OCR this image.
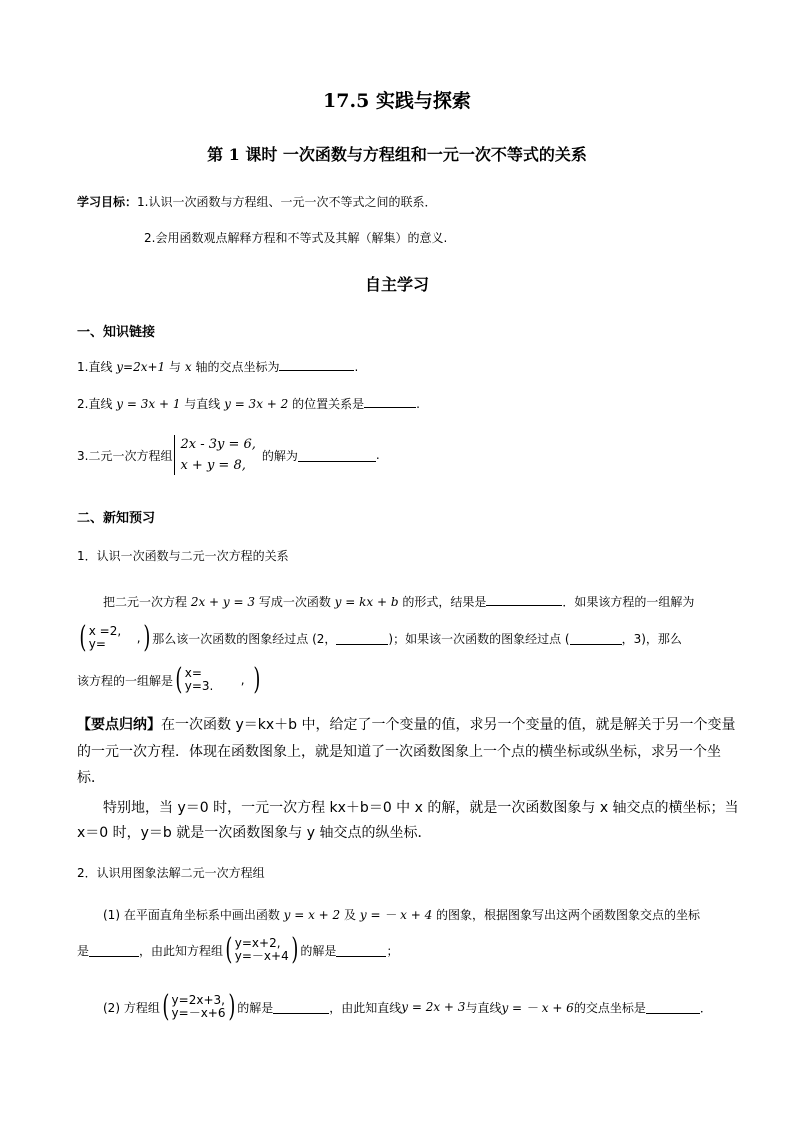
17.5 实践与探索
第 1 课时 一次函数与方程组和一元一次不等式的关系
学习目标：1.认识一次函数与方程组、一元一次不等式之间的联系．
2.会用函数观点解释方程和不等式及其解（解集）的意义.
自主学习
一、知识链接
1.直线 y=2x+1 与 x 轴的交点坐标为	.
2.直线 y = 3x + 1 与直线 y = 3x + 2 的位置关系是	.
3.二元一次方程组
2x - 3y = 6,
x + y = 8,
的解为	.
二、新知预习
1．认识一次函数与二元一次方程的关系
把二元一次方程 2x + y = 3 写成一次函数 y = kx + b 的形式，结果是	．如果该方程的一组解为
( x =2,
y=	, ) 那么该一次函数的图象经过点 (2，	)；如果该一次函数的图象经过点 (	，3)，那么
该方程的一组解是 ( x=
y=3.	, )
【要点归纳】在一次函数 y＝kx＋b 中，给定了一个变量的值，求另一个变量的值，就是解关于另一个变量
的一元一次方程．体现在函数图象上，就是知道了一次函数图象上一个点的横坐标或纵坐标，求另一个坐
标．
特别地，当 y＝0 时，一元一次方程 kx＋b＝0 中 x 的解，就是一次函数图象与 x 轴交点的横坐标；当
x＝0 时，y＝b 就是一次函数图象与 y 轴交点的纵坐标．
2．认识用图象法解二元一次方程组
(1) 在平面直角坐标系中画出函数 y = x + 2 及 y = － x + 4 的图象，根据图象写出这两个函数图象交点的坐标
是	，由此知方程组 ( y=x+2,
y=－x+4 ) 的解是	；
(2) 方程组 ( y=2x+3,
y=－x+6 ) 的解是	，由此知直线 y = 2x + 3 与直线 y = － x + 6 的交点坐标是	．
